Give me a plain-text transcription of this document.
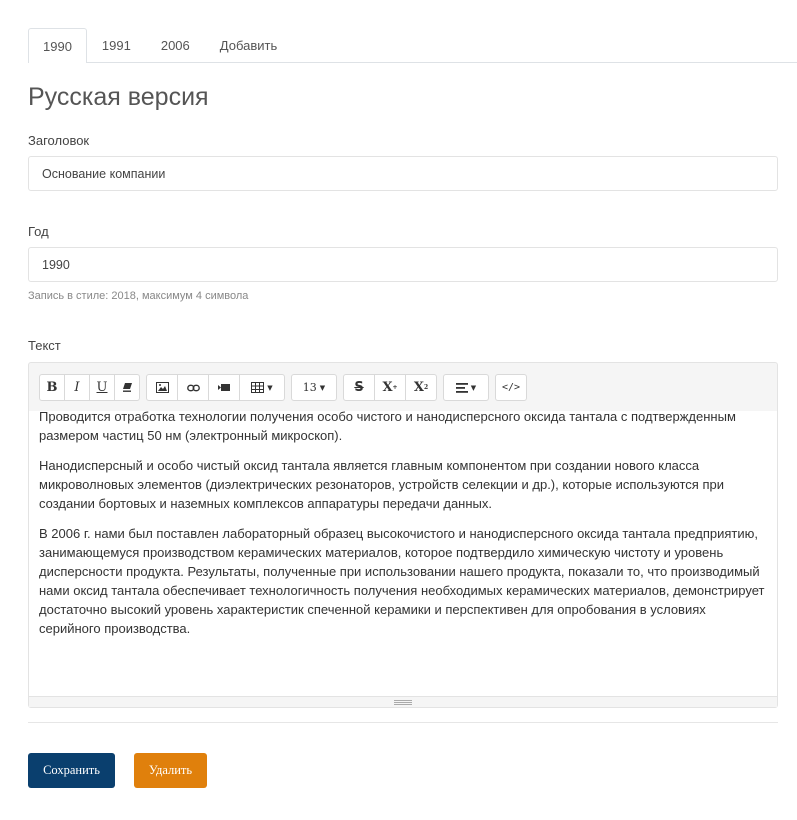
1990	1991	2006	Добавить
Русская версия
Заголовок
Основание компании
Год
1990
Запись в стиле: 2018, максимум 4 символа
Текст
B	I	U	▼	13 ▼ S X + X 2	▼	</>

Проводится отработка технологии получения особо чистого и нанодисперсного оксида тантала с подтвержденным размером частиц 50 нм (электронный микроскоп).

Нанодисперсный и особо чистый оксид тантала является главным компонентом при создании нового класса микроволновых элементов (диэлектрических резонаторов, устройств селекции и др.), которые используются при создании бортовых и наземных комплексов аппаратуры передачи данных.

В 2006 г. нами был поставлен лабораторный образец высокочистого и нанодисперсного оксида тантала предприятию, занимающемуся производством керамических материалов, которое подтвердило химическую чистоту и уровень дисперсности продукта. Результаты, полученные при использовании нашего продукта, показали то, что производимый нами оксид тантала обеспечивает технологичность получения необходимых керамических материалов, демонстрирует достаточно высокий уровень характеристик спеченной керамики и перспективен для опробования в условиях серийного производства.

Сохранить	Удалить
